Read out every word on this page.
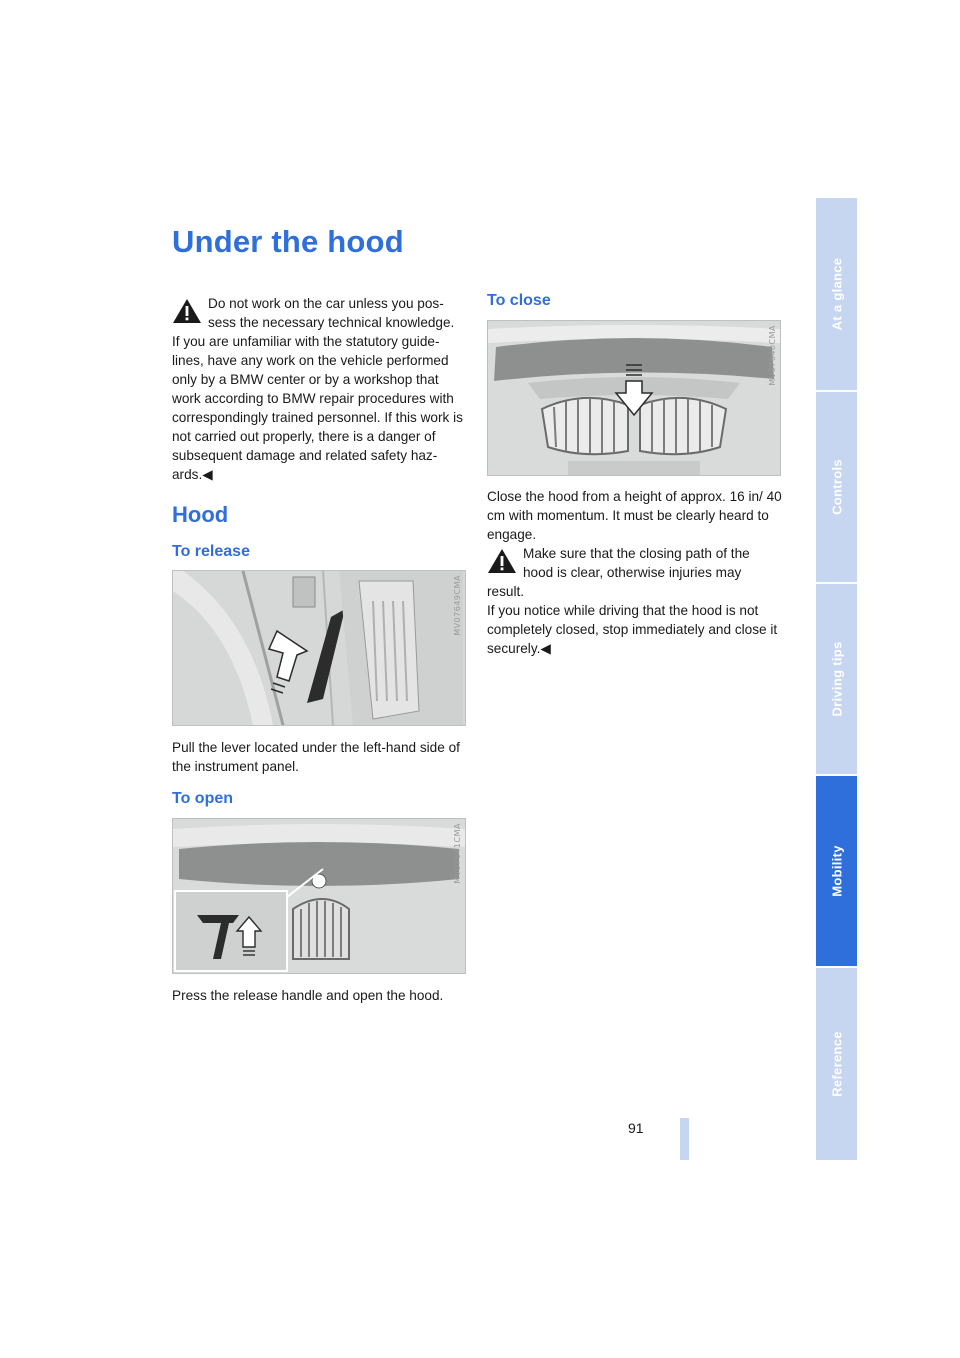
Under the hood

Do not work on the car unless you pos-

sess the necessary technical knowledge.

If you are unfamiliar with the statutory guide-lines, have any work on the vehicle performed only by a BMW center or by a workshop that work according to BMW repair procedures with correspondingly trained personnel. If this work is not carried out properly, there is a danger of subsequent damage and related safety haz-ards.◀

Hood
To release
MV07649CMA
Pull the lever located under the left-hand side of the instrument panel.
To open
MV07641CMA
Press the release handle and open the hood.
To close
MV07640CMA
Close the hood from a height of approx. 16 in/ 40 cm with momentum. It must be clearly heard to engage.

Make sure that the closing path of the

hood is clear, otherwise injuries may

result.

If you notice while driving that the hood is not completely closed, stop immediately and close it securely.◀

At a glance
Controls
Driving tips
Mobility
Reference
91
